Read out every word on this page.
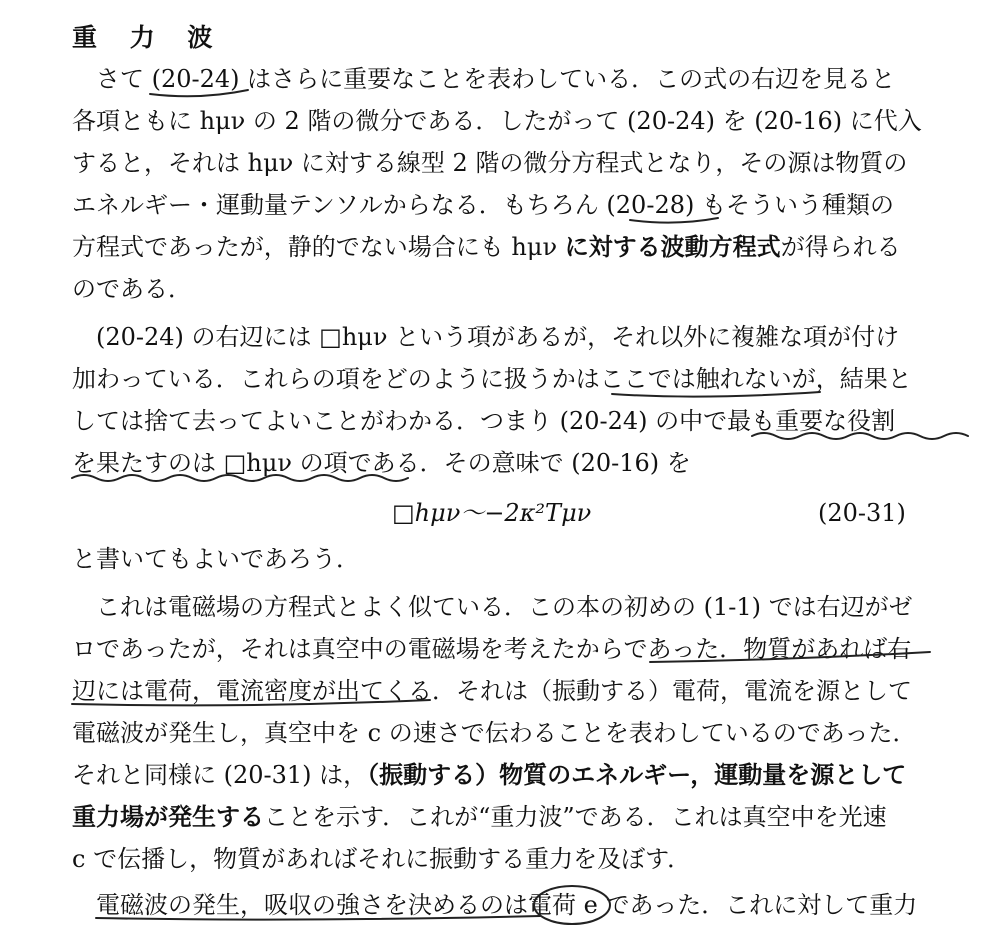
重 力 波
さて (20-24) はさらに重要なことを表わしている．この式の右辺を見ると
各項ともに hμν の 2 階の微分である．したがって (20-24) を (20-16) に代入
すると，それは hμν に対する線型 2 階の微分方程式となり，その源は物質の
エネルギー・運動量テンソルからなる．もちろん (20-28) もそういう種類の
方程式であったが，静的でない場合にも hμν に対する波動方程式が得られる
のである．
(20-24) の右辺には □hμν という項があるが，それ以外に複雑な項が付け
加わっている．これらの項をどのように扱うかはここでは触れないが，結果と
しては捨て去ってよいことがわかる．つまり (20-24) の中で最も重要な役割
を果たすのは □hμν の項である．その意味で (20-16) を
□hμν〜−2κ²Tμν	(20-31)
と書いてもよいであろう．
これは電磁場の方程式とよく似ている．この本の初めの (1-1) では右辺がゼ
ロであったが，それは真空中の電磁場を考えたからであった．物質があれば右
辺には電荷，電流密度が出てくる．それは（振動する）電荷，電流を源として
電磁波が発生し，真空中を c の速さで伝わることを表わしているのであった．
それと同様に (20-31) は，（振動する）物質のエネルギー，運動量を源として
重力場が発生することを示す．これが“重力波”である．これは真空中を光速
c で伝播し，物質があればそれに振動する重力を及ぼす．
電磁波の発生，吸収の強さを決めるのは電荷 e であった．これに対して重力
